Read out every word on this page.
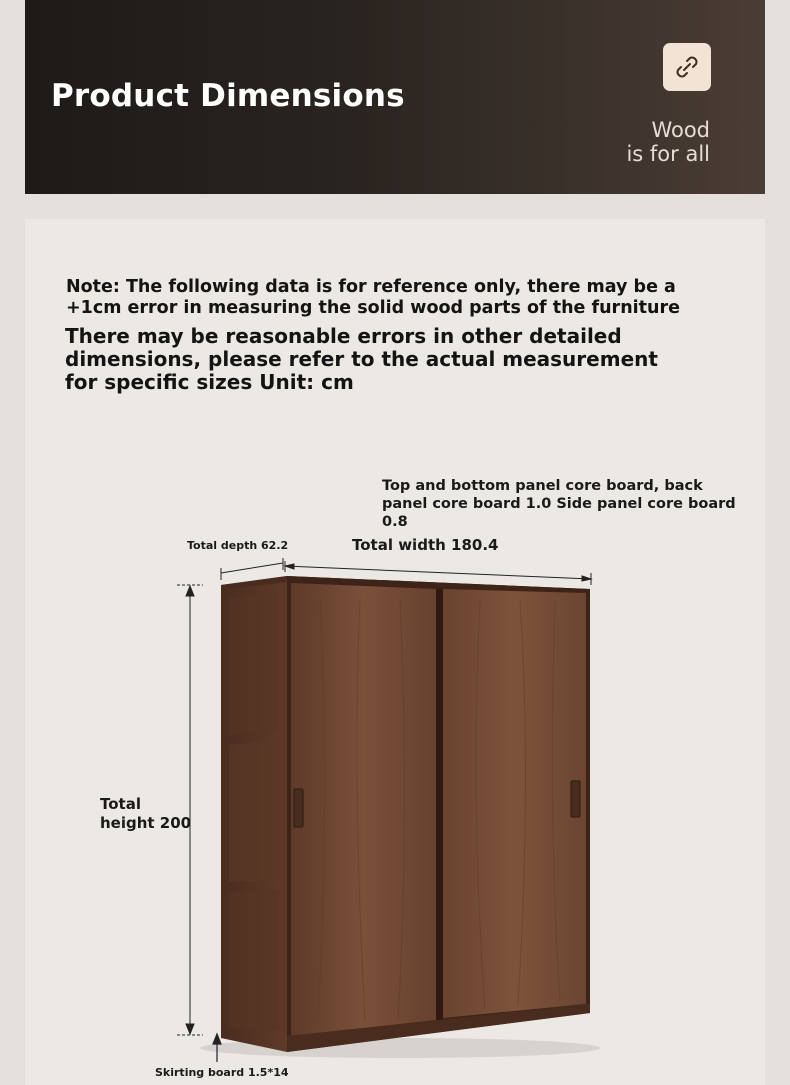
Product Dimensions
Wood
is for all
Note: The following data is for reference only, there may be a +1cm error in measuring the solid wood parts of the furniture
There may be reasonable errors in other detailed dimensions, please refer to the actual measurement for specific sizes Unit: cm
Top and bottom panel core board, back panel core board 1.0 Side panel core board 0.8
Total depth 62.2	Total width 180.4
Total
height 200
Skirting board 1.5*14
